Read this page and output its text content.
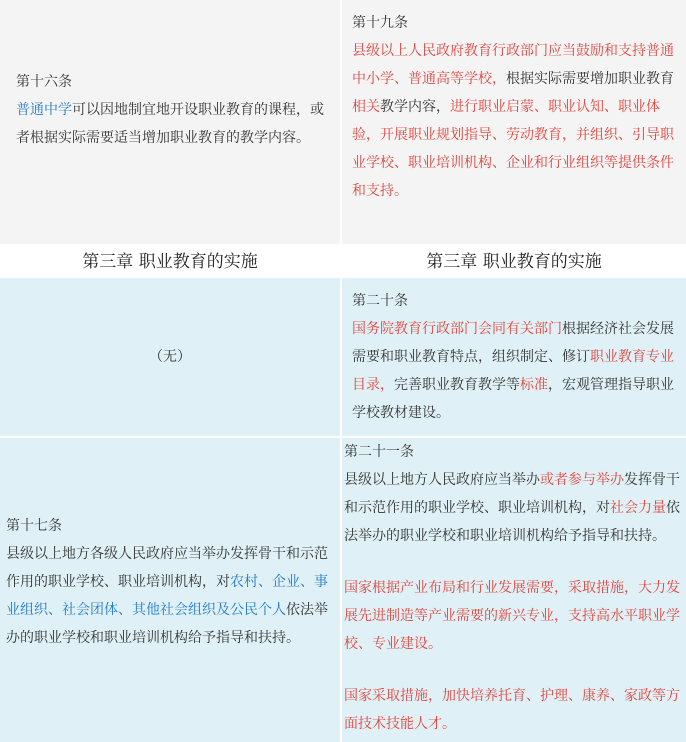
第十六条
普通中学可以因地制宜地开设职业教育的课程，或者根据实际需要适当增加职业教育的教学内容。
第十九条
县级以上人民政府教育行政部门应当鼓励和支持普通中小学、普通高等学校，根据实际需要增加职业教育相关教学内容，进行职业启蒙、职业认知、职业体验，开展职业规划指导、劳动教育，并组织、引导职业学校、职业培训机构、企业和行业组织等提供条件和支持。
第三章 职业教育的实施	第三章 职业教育的实施
（无）
第二十条
国务院教育行政部门会同有关部门根据经济社会发展需要和职业教育特点，组织制定、修订职业教育专业目录，完善职业教育教学等标准，宏观管理指导职业学校教材建设。
第十七条
县级以上地方各级人民政府应当举办发挥骨干和示范作用的职业学校、职业培训机构，对农村、企业、事业组织、社会团体、其他社会组织及公民个人依法举办的职业学校和职业培训机构给予指导和扶持。
第二十一条
县级以上地方人民政府应当举办或者参与举办发挥骨干和示范作用的职业学校、职业培训机构，对社会力量依法举办的职业学校和职业培训机构给予指导和扶持。
国家根据产业布局和行业发展需要，采取措施，大力发展先进制造等产业需要的新兴专业，支持高水平职业学校、专业建设。
国家采取措施，加快培养托育、护理、康养、家政等方面技术技能人才。
